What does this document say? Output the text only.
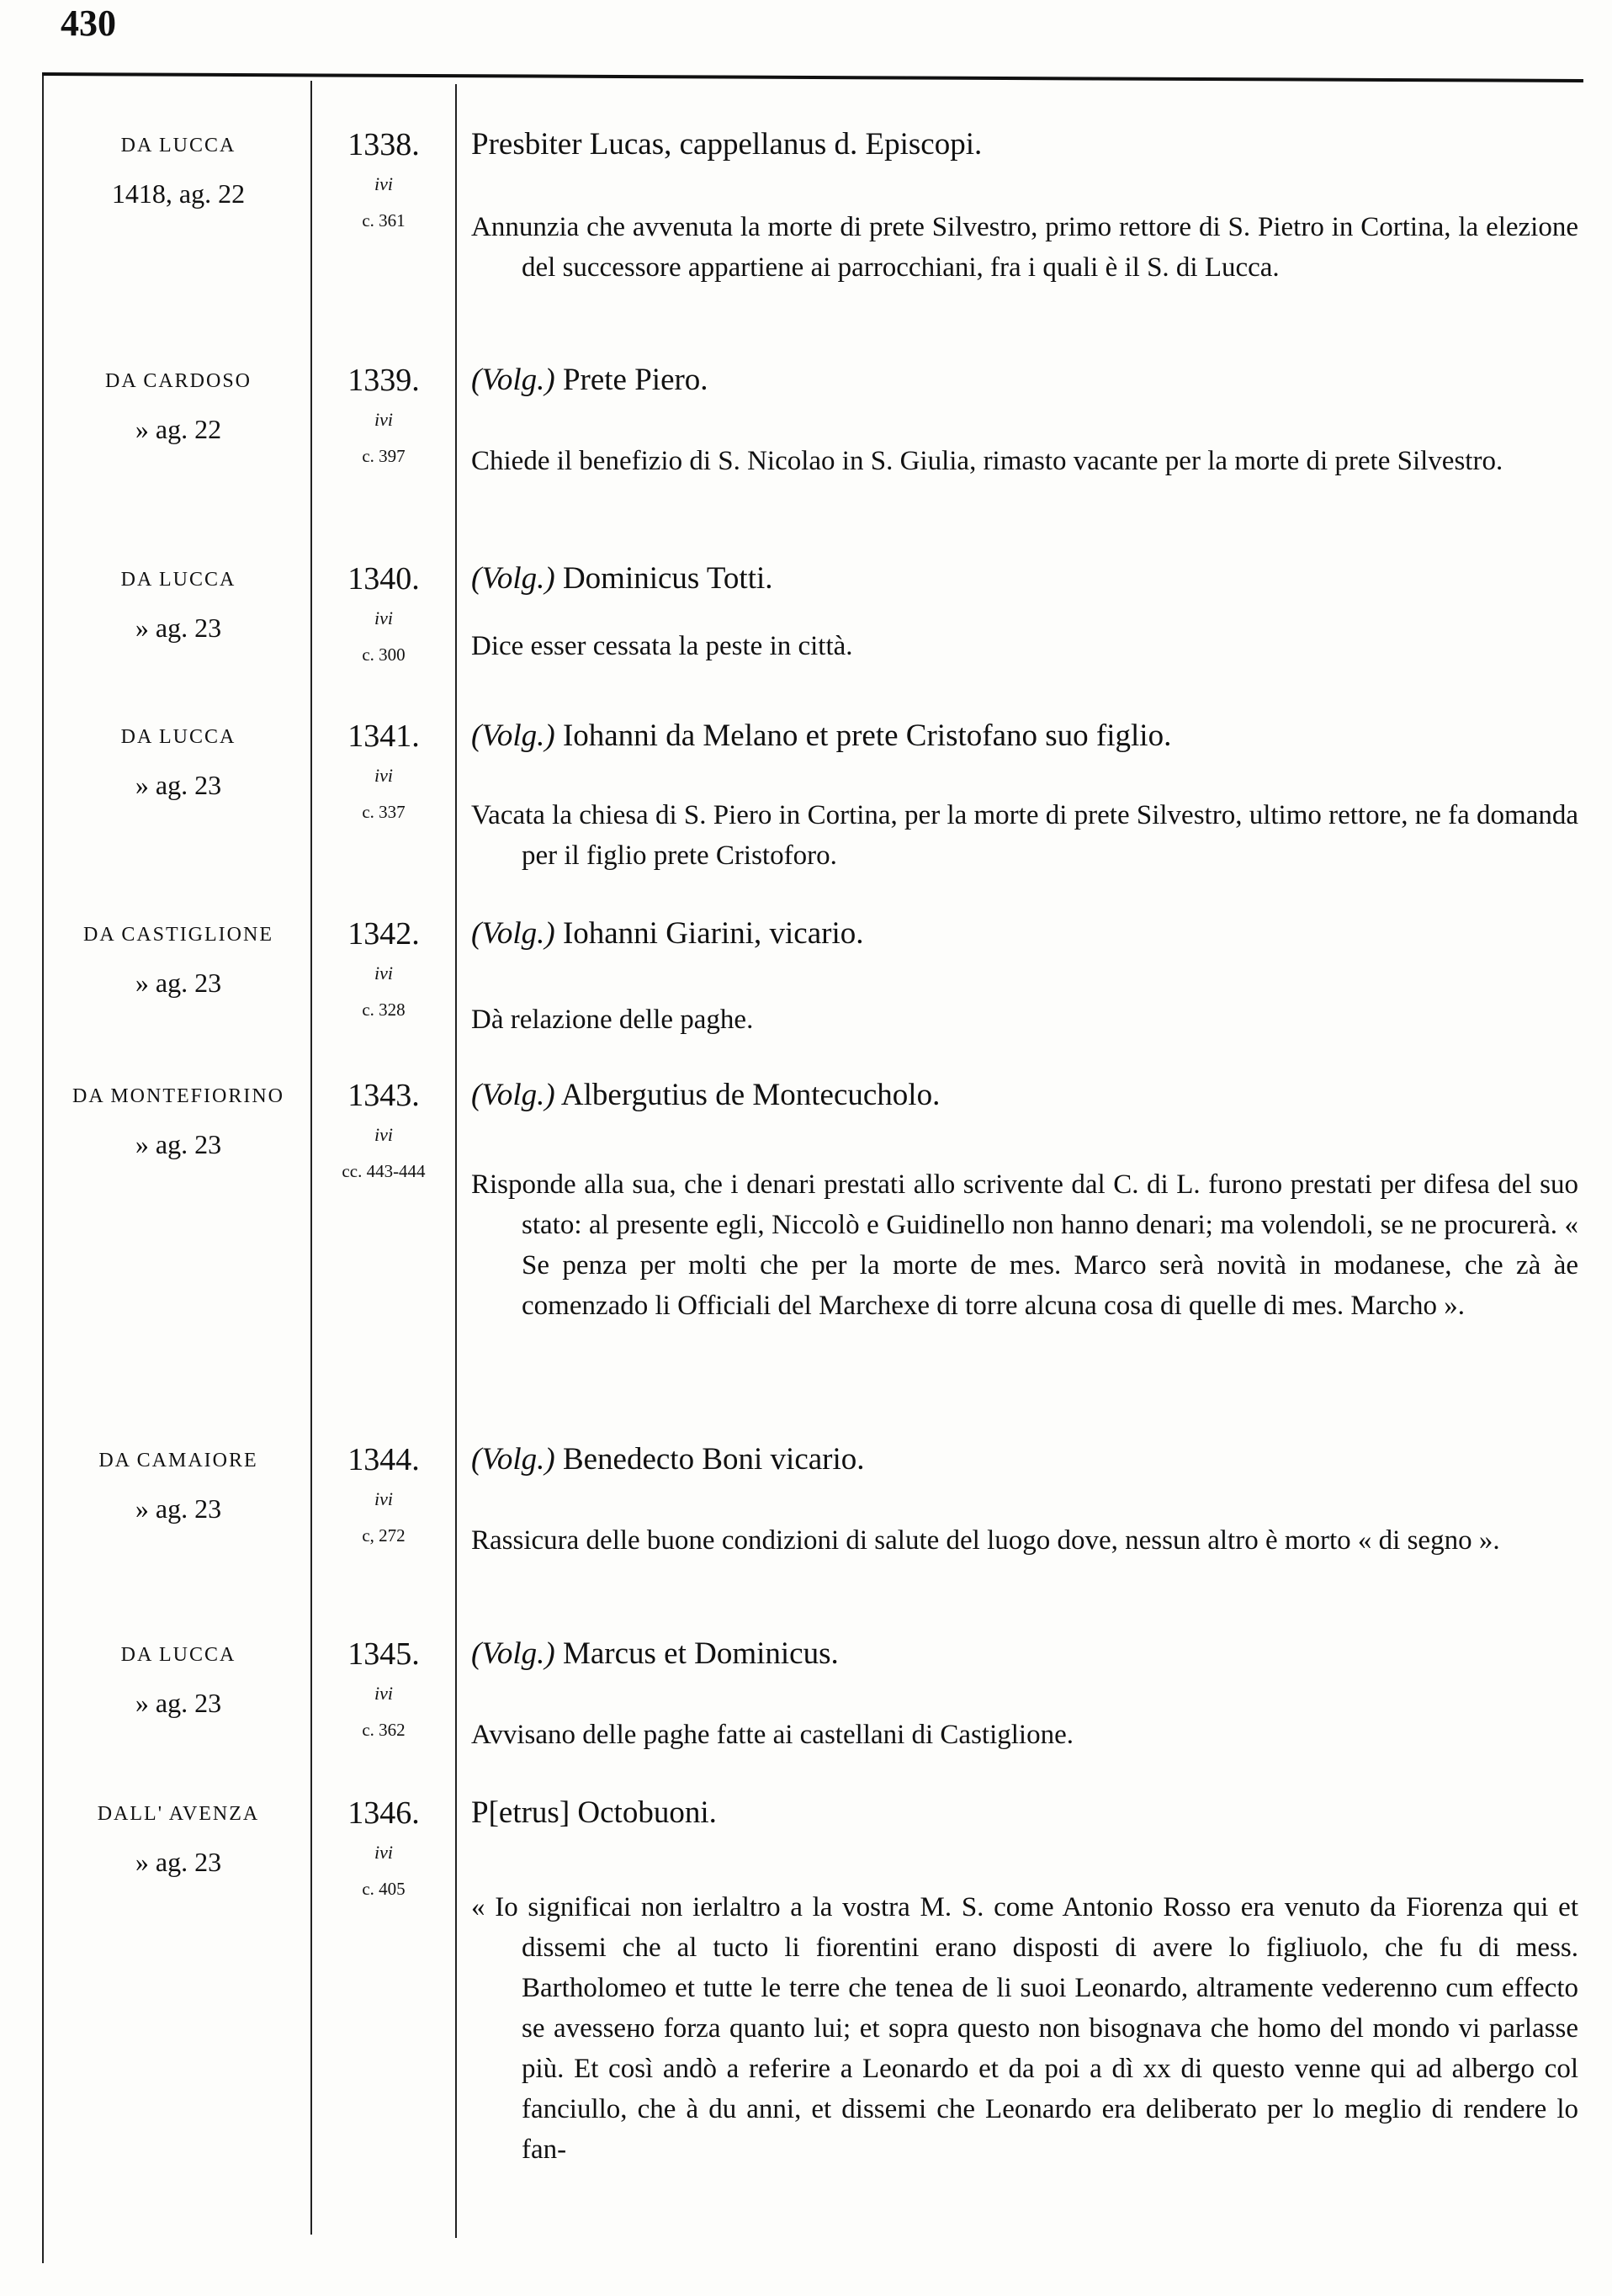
430
DA LUCCA
1418, ag. 22
1338.
ivi
c. 361
Presbiter Lucas, cappellanus d. Episcopi.
Annunzia che avvenuta la morte di prete Silvestro, primo rettore di S. Pietro in Cortina, la elezione del successore appartiene ai parrocchiani, fra i quali è il S. di Lucca.
DA CARDOSO
» ag. 22
1339.
ivi
c. 397
(Volg.) Prete Piero.
Chiede il benefizio di S. Nicolao in S. Giulia, rimasto vacante per la morte di prete Silvestro.
DA LUCCA
» ag. 23
1340.
ivi
c. 300
(Volg.) Dominicus Totti.
Dice esser cessata la peste in città.
DA LUCCA
» ag. 23
1341.
ivi
c. 337
(Volg.) Iohanni da Melano et prete Cristofano suo figlio.
Vacata la chiesa di S. Piero in Cortina, per la morte di prete Silvestro, ultimo rettore, ne fa domanda per il figlio prete Cristoforo.
DA CASTIGLIONE
» ag. 23
1342.
ivi
c. 328
(Volg.) Iohanni Giarini, vicario.
Dà relazione delle paghe.
DA MONTEFIORINO
» ag. 23
1343.
ivi
cc. 443-444
(Volg.) Albergutius de Montecucholo.
Risponde alla sua, che i denari prestati allo scrivente dal C. di L. furono prestati per difesa del suo stato: al presente egli, Niccolò e Guidinello non hanno denari; ma volendoli, se ne procurerà. « Se penza per molti che per la morte de mes. Marco serà novità in modanese, che zà àe comenzado li Officiali del Marchexe di torre alcuna cosa di quelle di mes. Marcho ».
DA CAMAIORE
» ag. 23
1344.
ivi
c, 272
(Volg.) Benedecto Boni vicario.
Rassicura delle buone condizioni di salute del luogo dove, nessun altro è morto « di segno ».
DA LUCCA
» ag. 23
1345.
ivi
c. 362
(Volg.) Marcus et Dominicus.
Avvisano delle paghe fatte ai castellani di Castiglione.
DALL' AVENZA
» ag. 23
1346.
ivi
c. 405
P[etrus] Octobuoni.
« Io significai non ierlaltro a la vostra M. S. come Antonio Rosso era venuto da Fiorenza qui et dissemi che al tucto li fiorentini erano disposti di avere lo figliuolo, che fu di mess. Bartholomeo et tutte le terre che tenea de li suoi Leonardo, altramente vederenno cum effecto se avessено forza quanto lui; et sopra questo non bisognava che homo del mondo vi parlasse più. Et così andò a referire a Leonardo et da poi a dì xx di questo venne qui ad albergo col fanciullo, che à du anni, et dissemi che Leonardo era deliberato per lo meglio di rendere lo fan-
